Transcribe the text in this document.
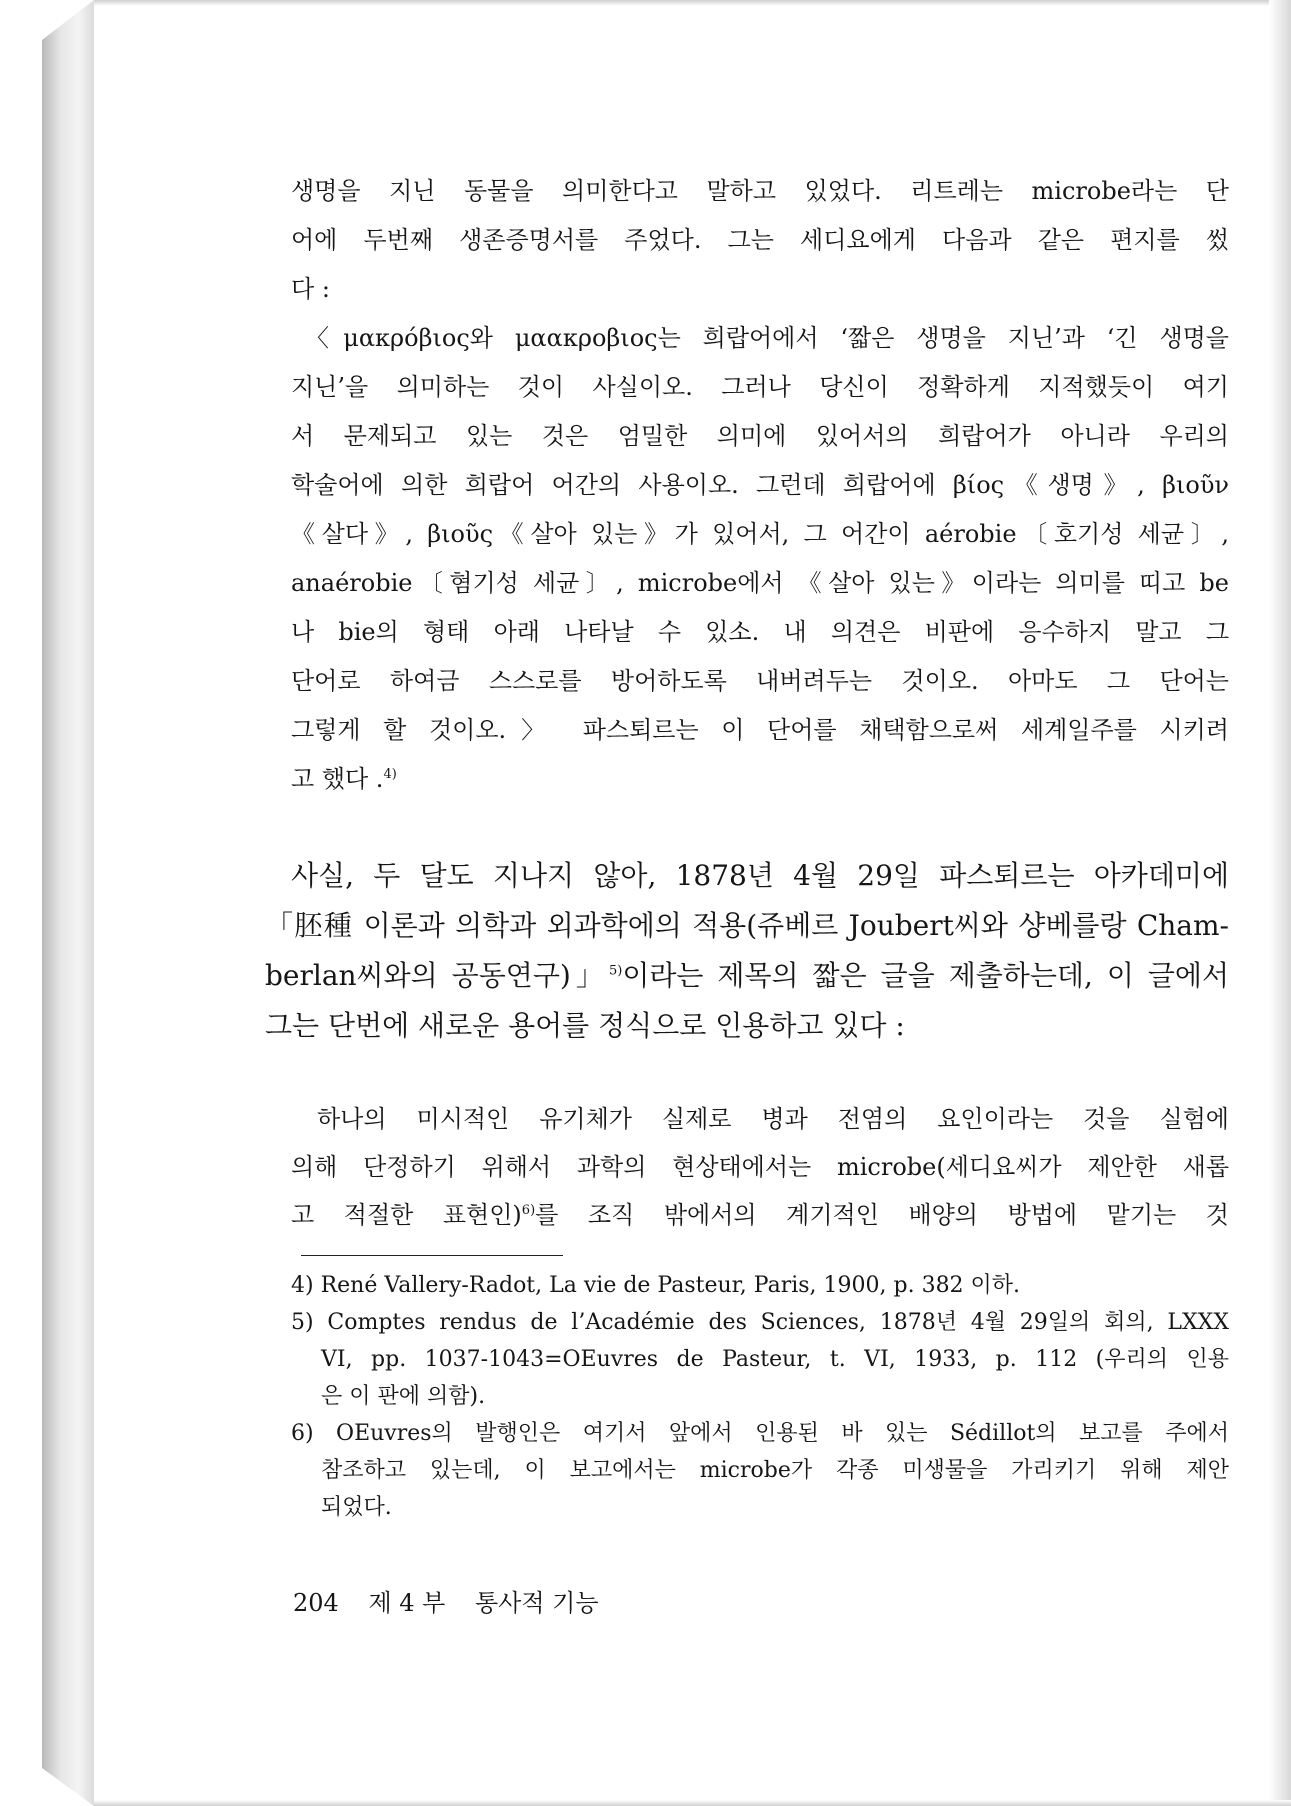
생명을 지닌 동물을 의미한다고 말하고 있었다. 리트레는 microbe라는 단

어에 두번째 생존증명서를 주었다. 그는 세디요에게 다음과 같은 편지를 썼

다 :

〈μακρόβιος와 μαακροβιος는 희랍어에서 ‘짧은 생명을 지닌’과 ‘긴 생명을

지닌’을 의미하는 것이 사실이오. 그러나 당신이 정확하게 지적했듯이 여기

서 문제되고 있는 것은 엄밀한 의미에 있어서의 희랍어가 아니라 우리의

학술어에 의한 희랍어 어간의 사용이오. 그런데 희랍어에 βίος《생명》, βιοῦν

《살다》, βιοῦς《살아 있는》가 있어서, 그 어간이 aérobie〔호기성 세균〕,

anaérobie〔혐기성 세균〕, microbe에서 《살아 있는》이라는 의미를 띠고 be

나 bie의 형태 아래 나타날 수 있소. 내 의견은 비판에 응수하지 말고 그

단어로 하여금 스스로를 방어하도록 내버려두는 것이오. 아마도 그 단어는

그렇게 할 것이오.〉 파스퇴르는 이 단어를 채택함으로써 세계일주를 시키려

고 했다 .$^{4)}$

사실, 두 달도 지나지 않아, 1878년 4월 29일 파스퇴르는 아카데미에

「胚種 이론과 의학과 외과학에의 적용(쥬베르 Joubert씨와 샹베를랑 Cham-

berlan씨와의 공동연구)」$^{5)}$이라는 제목의 짧은 글을 제출하는데, 이 글에서

그는 단번에 새로운 용어를 정식으로 인용하고 있다 :

하나의 미시적인 유기체가 실제로 병과 전염의 요인이라는 것을 실험에

의해 단정하기 위해서 과학의 현상태에서는 microbe(세디요씨가 제안한 새롭

고 적절한 표현인)$^{6)}$를 조직 밖에서의 계기적인 배양의 방법에 맡기는 것

4) René Vallery-Radot, La vie de Pasteur, Paris, 1900, p. 382 이하.

5) Comptes rendus de l’Académie des Sciences, 1878년 4월 29일의 회의, LXXX

VI, pp. 1037-1043=OEuvres de Pasteur, t. VI, 1933, p. 112 (우리의 인용

은 이 판에 의함).

6) OEuvres의 발행인은 여기서 앞에서 인용된 바 있는 Sédillot의 보고를 주에서

참조하고 있는데, 이 보고에서는 microbe가 각종 미생물을 가리키기 위해 제안

되었다.

204 제 4 부 통사적 기능
